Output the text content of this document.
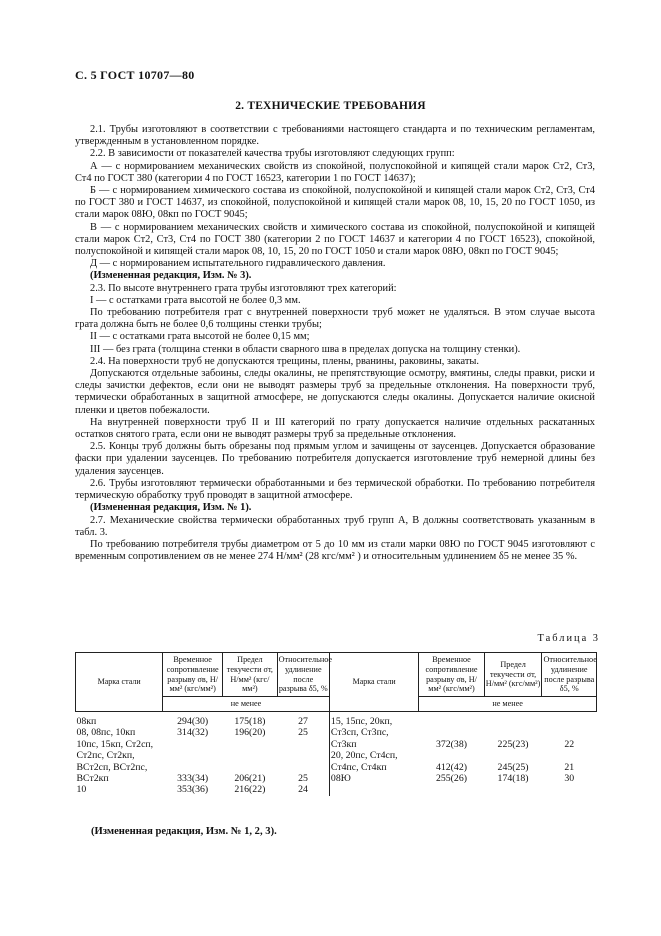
С. 5 ГОСТ 10707—80
2. ТЕХНИЧЕСКИЕ ТРЕБОВАНИЯ

2.1. Трубы изготовляют в соответствии с требованиями настоящего стандарта и по техническим регламентам, утвержденным в установленном порядке.

2.2. В зависимости от показателей качества трубы изготовляют следующих групп:

А — с нормированием механических свойств из спокойной, полуспокойной и кипящей стали марок Ст2, Ст3, Ст4 по ГОСТ 380 (категории 4 по ГОСТ 16523, категории 1 по ГОСТ 14637);

Б — с нормированием химического состава из спокойной, полуспокойной и кипящей стали марок Ст2, Ст3, Ст4 по ГОСТ 380 и ГОСТ 14637, из спокойной, полуспокойной и кипящей стали марок 08, 10, 15, 20 по ГОСТ 1050, из стали марок 08Ю, 08кп по ГОСТ 9045;

В — с нормированием механических свойств и химического состава из спокойной, полуспокойной и кипящей стали марок Ст2, Ст3, Ст4 по ГОСТ 380 (категории 2 по ГОСТ 14637 и категории 4 по ГОСТ 16523), спокойной, полуспокойной и кипящей стали марок 08, 10, 15, 20 по ГОСТ 1050 и стали марок 08Ю, 08кп по ГОСТ 9045;

Д — с нормированием испытательного гидравлического давления.

(Измененная редакция, Изм. № 3).

2.3. По высоте внутреннего грата трубы изготовляют трех категорий:

I — с остатками грата высотой не более 0,3 мм.

По требованию потребителя грат с внутренней поверхности труб может не удаляться. В этом случае высота грата должна быть не более 0,6 толщины стенки трубы;

II — с остатками грата высотой не более 0,15 мм;

III — без грата (толщина стенки в области сварного шва в пределах допуска на толщину стенки).

2.4. На поверхности труб не допускаются трещины, плены, рванины, раковины, закаты.

Допускаются отдельные забоины, следы окалины, не препятствующие осмотру, вмятины, следы правки, риски и следы зачистки дефектов, если они не выводят размеры труб за предельные отклонения. На поверхности труб, термически обработанных в защитной атмосфере, не допускаются следы окалины. Допускается наличие окисной пленки и цветов побежалости.

На внутренней поверхности труб II и III категорий по грату допускается наличие отдельных раскатанных остатков снятого грата, если они не выводят размеры труб за предельные отклонения.

2.5. Концы труб должны быть обрезаны под прямым углом и зачищены от заусенцев. Допускается образование фаски при удалении заусенцев. По требованию потребителя допускается изготовление труб немерной длины без удаления заусенцев.

2.6. Трубы изготовляют термически обработанными и без термической обработки. По требованию потребителя термическую обработку труб проводят в защитной атмосфере.

(Измененная редакция, Изм. № 1).

2.7. Механические свойства термически обработанных труб групп А, В должны соответствовать указанным в табл. 3.

По требованию потребителя трубы диаметром от 5 до 10 мм из стали марки 08Ю по ГОСТ 9045 изготовляют с временным сопротивлением σв не менее 274 Н/мм² (28 кгс/мм² ) и относительным удлинением δ5 не менее 35 %.

Таблица 3
Марка стали	Временное сопротивление разрыву σв, Н/мм² (кгс/мм²)	Предел текучести σт, Н/мм² (кгс/мм²)	Относительное удлинение после разрыва δ5, %	Марка стали	Временное сопротивление разрыву σв, Н/мм² (кгс/мм²)	Предел текучести σт, Н/мм² (кгс/мм²)	Относительное удлинение после разрыва δ5, %
	не менее				не менее		
08кп	294(30)	175(18)	27	15, 15пс, 20кп,			
08, 08пс, 10кп	314(32)	196(20)	25	Ст3сп, Ст3пс,			
10пс, 15кп, Ст2сп,				Ст3кп	372(38)	225(23)	22
Ст2пс, Ст2кп,				20, 20пс, Ст4сп,			
ВСт2сп, ВСт2пс,				Ст4пс, Ст4кп	412(42)	245(25)	21
ВСт2кп	333(34)	206(21)	25	08Ю	255(26)	174(18)	30
10	353(36)	216(22)	24				
(Измененная редакция, Изм. № 1, 2, 3).
